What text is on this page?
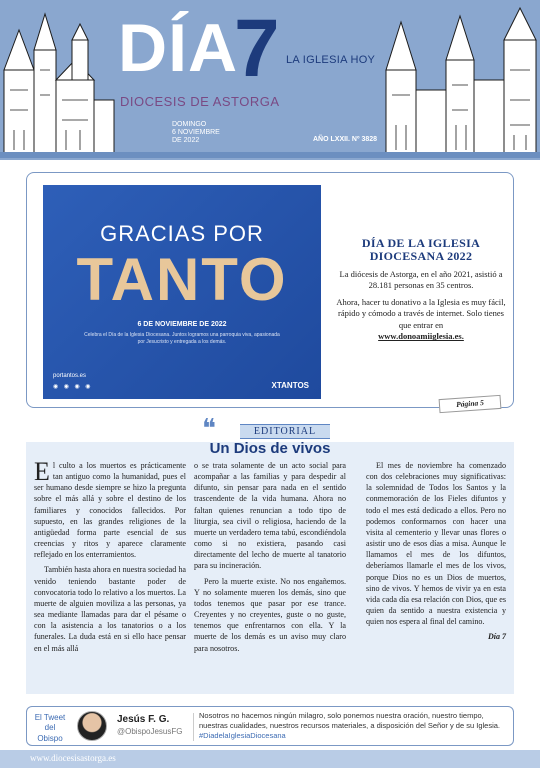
DÍA
7 LA IGLESIA HOY
DIOCESIS DE ASTORGA
DOMINGO
6 NOVIEMBRE
DE 2022	AÑO LXXII. Nº 3828
GRACIAS POR
TANTO
6 DE NOVIEMBRE DE 2022
Celebra el Día de la Iglesia Diocesana. Juntos logramos una parroquia viva, apasionada por Jesucristo y entregada a los demás.
portantos.es
◉ ◉ ◉ ◉	XTANTOS
DÍA DE LA IGLESIA DIOCESANA 2022
La diócesis de Astorga, en el año 2021, asistió a 28.181 personas en 35 centros.
Ahora, hacer tu donativo a la Iglesia es muy fácil, rápido y cómodo a través de internet. Solo tienes que entrar en
www.donoamiiglesia.es.
Página 5

El culto a los muertos es prácticamente tan antiguo como la humanidad, pues el ser humano desde siempre se hizo la pregunta sobre el más allá y sobre el destino de los familiares y conocidos fallecidos. Por supuesto, en las grandes religiones de la antigüedad forma parte esencial de sus creencias y ritos y aparece claramente reflejado en los enterramientos.

También hasta ahora en nuestra sociedad ha venido teniendo bastante poder de convocatoria todo lo relativo a los muertos. La muerte de alguien moviliza a las personas, ya sea mediante llamadas para dar el pésame o con la asistencia a los tanatorios o a los funerales. La duda está en si ello hace pensar en el más allá

o se trata solamente de un acto social para acompañar a las familias y para despedir al difunto, sin pensar para nada en el sentido trascendente de la vida humana. Ahora no faltan quienes renuncian a todo tipo de liturgia, sea civil o religiosa, haciendo de la muerte un verdadero tema tabú, escondiéndola como si no existiera, pasando casi directamente del lecho de muerte al tanatorio para su incineración.

Pero la muerte existe. No nos engañemos. Y no solamente mueren los demás, sino que todos tenemos que pasar por ese trance. Creyentes y no creyentes, guste o no guste, tenemos que enfrentarnos con ella. Y la muerte de los demás es un aviso muy claro para nosotros.

El mes de noviembre ha comenzado con dos celebraciones muy significativas: la solemnidad de Todos los Santos y la conmemoración de los Fieles difuntos y todo el mes está dedicado a ellos. Pero no podemos conformarnos con hacer una visita al cementerio y llevar unas flores o asistir uno de esos días a misa. Aunque le llamamos el mes de los difuntos, deberíamos llamarle el mes de los vivos, porque Dios no es un Dios de muertos, sino de vivos. Y hemos de vivir ya en esta vida cada día esa relación con Dios, que es quien da sentido a nuestra existencia y quien nos espera al final del camino.

Día 7

❝	EDITORIAL
Un Dios de vivos
El Tweet del Obispo
Jesús F. G.
@ObispoJesusFG
Nosotros no hacemos ningún milagro, solo ponemos nuestra oración, nuestro tiempo, nuestras cualidades, nuestros recursos materiales, a disposición del Señor y de su Iglesia. #DiadelaIglesiaDiocesana
www.diocesisastorga.es
